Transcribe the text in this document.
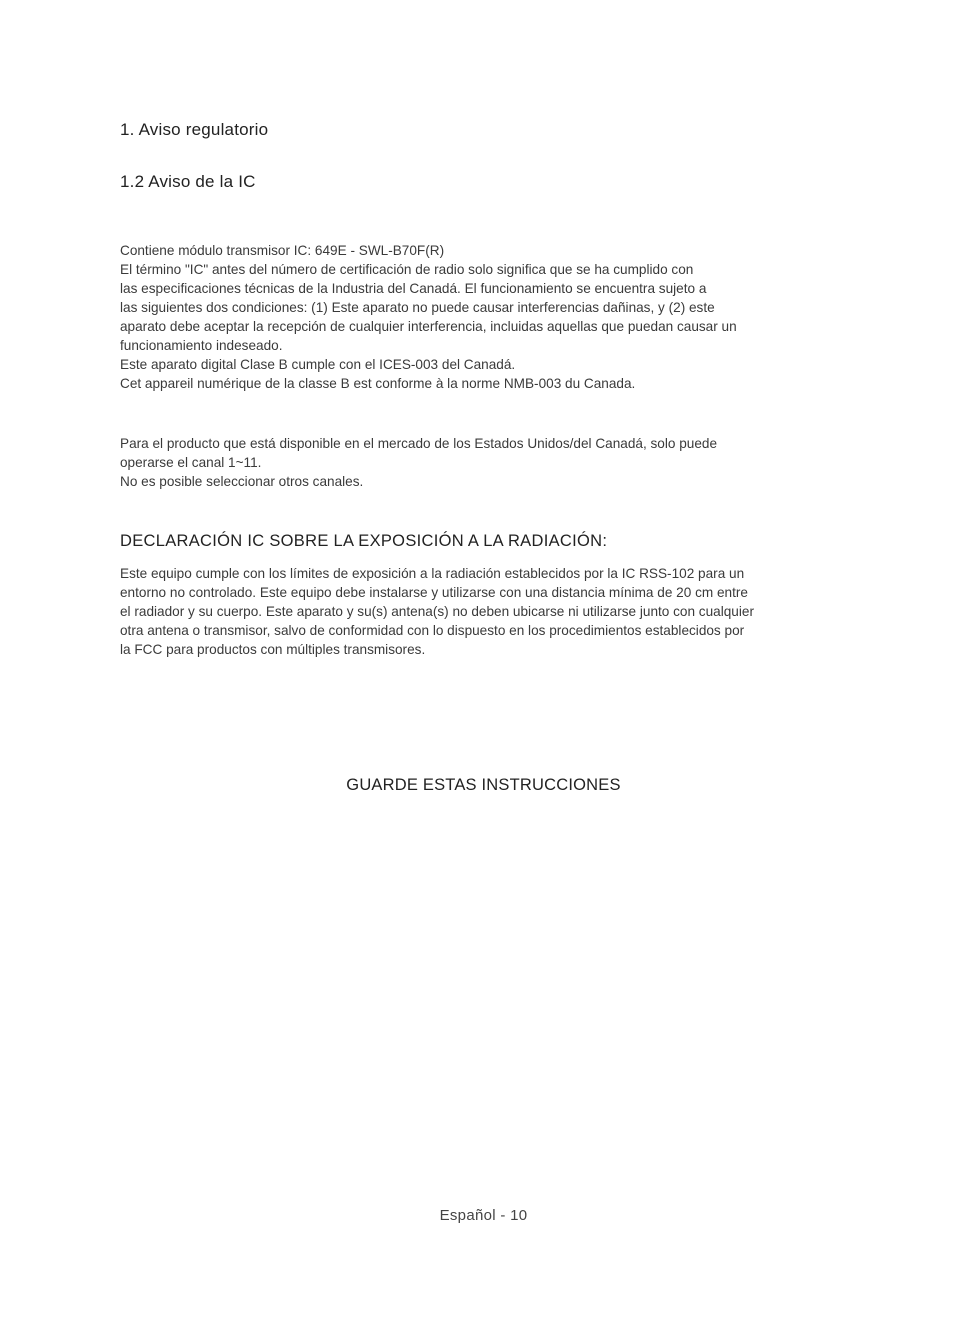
1. Aviso regulatorio
1.2 Aviso de la IC

Contiene módulo transmisor IC: 649E - SWL-B70F(R)

El término "IC" antes del número de certificación de radio solo significa que se ha cumplido con

las especificaciones técnicas de la Industria del Canadá. El funcionamiento se encuentra sujeto a

las siguientes dos condiciones: (1) Este aparato no puede causar interferencias dañinas, y (2) este

aparato debe aceptar la recepción de cualquier interferencia, incluidas aquellas que puedan causar un

funcionamiento indeseado.

Este aparato digital Clase B cumple con el ICES-003 del Canadá.

Cet appareil numérique de la classe B est conforme à la norme NMB-003 du Canada.

Para el producto que está disponible en el mercado de los Estados Unidos/del Canadá, solo puede

operarse el canal 1~11.

No es posible seleccionar otros canales.

DECLARACIÓN IC SOBRE LA EXPOSICIÓN A LA RADIACIÓN:

Este equipo cumple con los límites de exposición a la radiación establecidos por la IC RSS-102 para un

entorno no controlado. Este equipo debe instalarse y utilizarse con una distancia mínima de 20 cm entre

el radiador y su cuerpo. Este aparato y su(s) antena(s) no deben ubicarse ni utilizarse junto con cualquier

otra antena o transmisor, salvo de conformidad con lo dispuesto en los procedimientos establecidos por

la FCC para productos con múltiples transmisores.

GUARDE ESTAS INSTRUCCIONES
Español - 10
